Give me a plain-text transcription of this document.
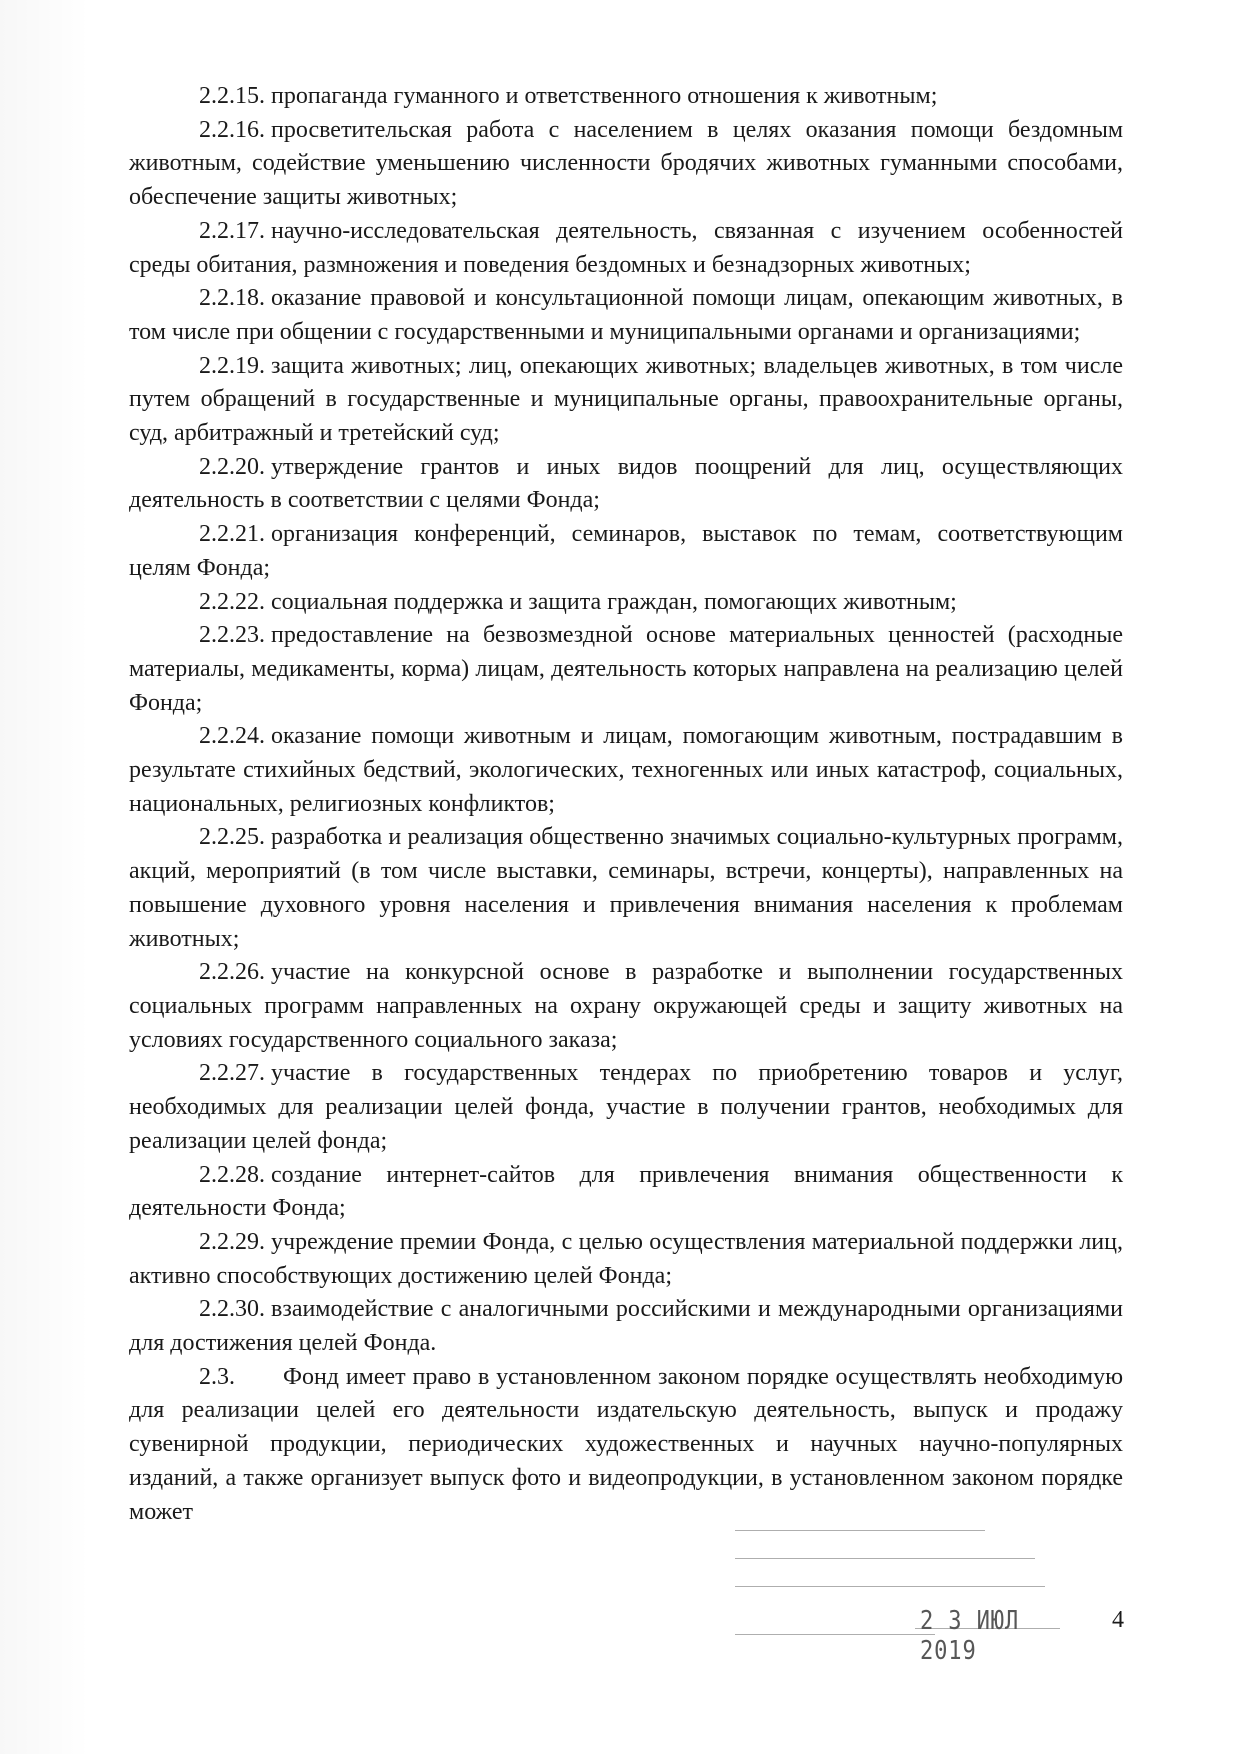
2.2.15. пропаганда гуманного и ответственного отношения к животным;

2.2.16. просветительская работа с населением в целях оказания помощи бездомным животным, содействие уменьшению численности бродячих животных гуманными способами, обеспечение защиты животных;

2.2.17. научно-исследовательская деятельность, связанная с изучением особенностей среды обитания, размножения и поведения бездомных и безнадзорных животных;

2.2.18. оказание правовой и консультационной помощи лицам, опекающим животных, в том числе при общении с государственными и муниципальными органами и организациями;

2.2.19. защита животных; лиц, опекающих животных; владельцев животных, в том числе путем обращений в государственные и муниципальные органы, правоохранительные органы, суд, арбитражный и третейский суд;

2.2.20. утверждение грантов и иных видов поощрений для лиц, осуществляющих деятельность в соответствии с целями Фонда;

2.2.21. организация конференций, семинаров, выставок по темам, соответствующим целям Фонда;

2.2.22. социальная поддержка и защита граждан, помогающих животным;

2.2.23. предоставление на безвозмездной основе материальных ценностей (расходные материалы, медикаменты, корма) лицам, деятельность которых направлена на реализацию целей Фонда;

2.2.24. оказание помощи животным и лицам, помогающим животным, пострадавшим в результате стихийных бедствий, экологических, техногенных или иных катастроф, социальных, национальных, религиозных конфликтов;

2.2.25. разработка и реализация общественно значимых социально-культурных программ, акций, мероприятий (в том числе выставки, семинары, встречи, концерты), направленных на повышение духовного уровня населения и привлечения внимания населения к проблемам животных;

2.2.26. участие на конкурсной основе в разработке и выполнении государственных социальных программ направленных на охрану окружающей среды и защиту животных на условиях государственного социального заказа;

2.2.27. участие в государственных тендерах по приобретению товаров и услуг, необходимых для реализации целей фонда, участие в получении грантов, необходимых для реализации целей фонда;

2.2.28. создание интернет-сайтов для привлечения внимания общественности к деятельности Фонда;

2.2.29. учреждение премии Фонда, с целью осуществления материальной поддержки лиц, активно способствующих достижению целей Фонда;

2.2.30. взаимодействие с аналогичными российскими и международными организациями для достижения целей Фонда.

2.3. Фонд имеет право в установленном законом порядке осуществлять необходимую для реализации целей его деятельности издательскую деятельность, выпуск и продажу сувенирной продукции, периодических художественных и научных научно-популярных изданий, а также организует выпуск фото и видеопродукции, в установленном законом порядке может

2 3 ИЮЛ 2019
4
